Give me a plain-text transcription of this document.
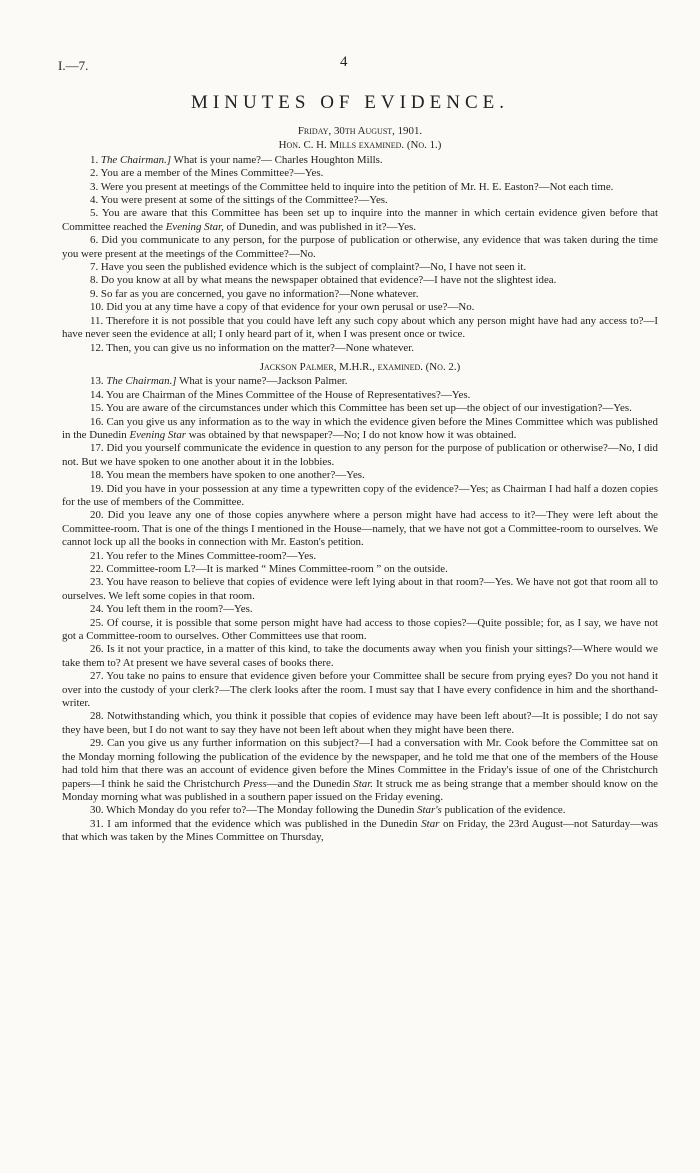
I.—7.	4
MINUTES OF EVIDENCE.
Friday, 30th August, 1901.
Hon. C. H. Mills examined. (No. 1.)

1. The Chairman.] What is your name?— Charles Houghton Mills.

2. You are a member of the Mines Committee?—Yes.

3. Were you present at meetings of the Committee held to inquire into the petition of Mr. H. E. Easton?—Not each time.

4. You were present at some of the sittings of the Committee?—Yes.

5. You are aware that this Committee has been set up to inquire into the manner in which certain evidence given before that Committee reached the Evening Star, of Dunedin, and was published in it?—Yes.

6. Did you communicate to any person, for the purpose of publication or otherwise, any evidence that was taken during the time you were present at the meetings of the Committee?—No.

7. Have you seen the published evidence which is the subject of complaint?—No, I have not seen it.

8. Do you know at all by what means the newspaper obtained that evidence?—I have not the slightest idea.

9. So far as you are concerned, you gave no information?—None whatever.

10. Did you at any time have a copy of that evidence for your own perusal or use?—No.

11. Therefore it is not possible that you could have left any such copy about which any person might have had any access to?—I have never seen the evidence at all; I only heard part of it, when I was present once or twice.

12. Then, you can give us no information on the matter?—None whatever.

Jackson Palmer, M.H.R., examined. (No. 2.)

13. The Chairman.] What is your name?—Jackson Palmer.

14. You are Chairman of the Mines Committee of the House of Representatives?—Yes.

15. You are aware of the circumstances under which this Committee has been set up—the object of our investigation?—Yes.

16. Can you give us any information as to the way in which the evidence given before the Mines Committee which was published in the Dunedin Evening Star was obtained by that newspaper?—No; I do not know how it was obtained.

17. Did you yourself communicate the evidence in question to any person for the purpose of publication or otherwise?—No, I did not. But we have spoken to one another about it in the lobbies.

18. You mean the members have spoken to one another?—Yes.

19. Did you have in your possession at any time a typewritten copy of the evidence?—Yes; as Chairman I had half a dozen copies for the use of members of the Committee.

20. Did you leave any one of those copies anywhere where a person might have had access to it?—They were left about the Committee-room. That is one of the things I mentioned in the House—namely, that we have not got a Committee-room to ourselves. We cannot lock up all the books in connection with Mr. Easton's petition.

21. You refer to the Mines Committee-room?—Yes.

22. Committee-room L?—It is marked “ Mines Committee-room ” on the outside.

23. You have reason to believe that copies of evidence were left lying about in that room?—Yes. We have not got that room all to ourselves. We left some copies in that room.

24. You left them in the room?—Yes.

25. Of course, it is possible that some person might have had access to those copies?—Quite possible; for, as I say, we have not got a Committee-room to ourselves. Other Committees use that room.

26. Is it not your practice, in a matter of this kind, to take the documents away when you finish your sittings?—Where would we take them to? At present we have several cases of books there.

27. You take no pains to ensure that evidence given before your Committee shall be secure from prying eyes? Do you not hand it over into the custody of your clerk?—The clerk looks after the room. I must say that I have every confidence in him and the shorthand-writer.

28. Notwithstanding which, you think it possible that copies of evidence may have been left about?—It is possible; I do not say they have been, but I do not want to say they have not been left about when they might have been there.

29. Can you give us any further information on this subject?—I had a conversation with Mr. Cook before the Committee sat on the Monday morning following the publication of the evidence by the newspaper, and he told me that one of the members of the House had told him that there was an account of evidence given before the Mines Committee in the Friday's issue of one of the Christchurch papers—I think he said the Christchurch Press—and the Dunedin Star. It struck me as being strange that a member should know on the Monday morning what was published in a southern paper issued on the Friday evening.

30. Which Monday do you refer to?—The Monday following the Dunedin Star's publication of the evidence.

31. I am informed that the evidence which was published in the Dunedin Star on Friday, the 23rd August—not Saturday—was that which was taken by the Mines Committee on Thursday,
